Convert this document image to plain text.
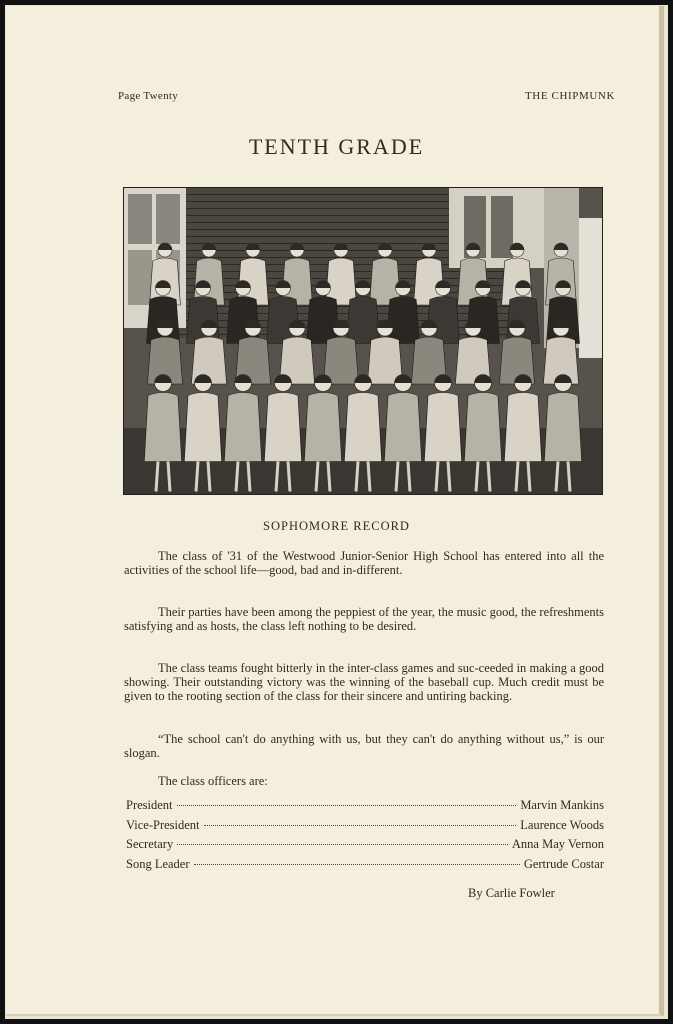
Page Twenty	THE CHIPMUNK
TENTH GRADE
SOPHOMORE RECORD

The class of '31 of the Westwood Junior-Senior High School has entered into all the activities of the school life—good, bad and in-different.

Their parties have been among the peppiest of the year, the music good, the refreshments satisfying and as hosts, the class left nothing to be desired.

The class teams fought bitterly in the inter-class games and suc-ceeded in making a good showing. Their outstanding victory was the winning of the baseball cup. Much credit must be given to the rooting section of the class for their sincere and untiring backing.

“The school can't do anything with us, but they can't do anything without us,” is our slogan.

The class officers are:

President	Marvin Mankins
Vice-President	Laurence Woods
Secretary	Anna May Vernon
Song Leader	Gertrude Costar
By Carlie Fowler
